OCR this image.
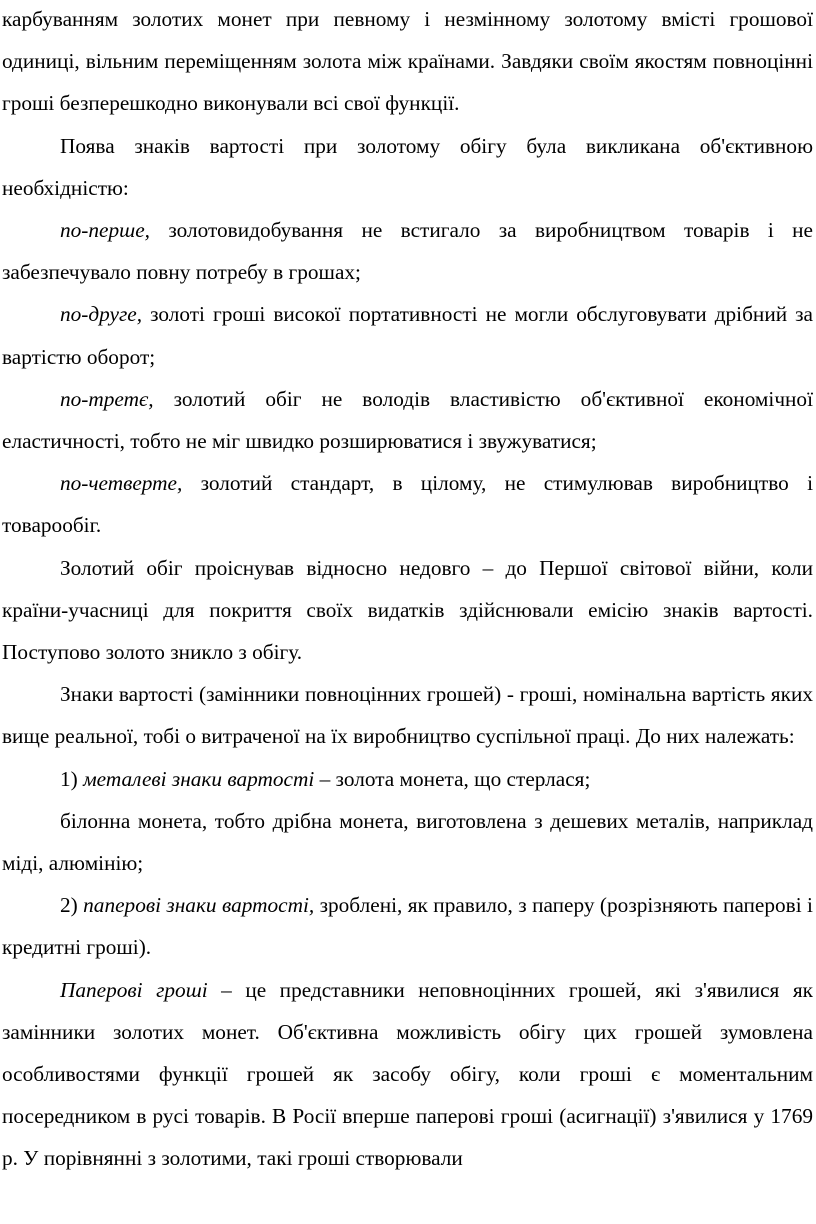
карбуванням золотих монет при певному і незмінному золотому вмісті грошової одиниці, вільним переміщенням золота між країнами. Завдяки своїм якостям повноцінні гроші безперешкодно виконували всі свої функції.

Поява знаків вартості при золотому обігу була викликана об'єктивною необхідністю:

по-перше, золотовидобування не встигало за виробництвом товарів і не забезпечувало повну потребу в грошах;

по-друге, золоті гроші високої портативності не могли обслуговувати дрібний за вартістю оборот;

по-третє, золотий обіг не володів властивістю об'єктивної економічної еластичності, тобто не міг швидко розширюватися і звужуватися;

по-четверте, золотий стандарт, в цілому, не стимулював виробництво і товарообіг.

Золотий обіг проіснував відносно недовго – до Першої світової війни, коли країни-учасниці для покриття своїх видатків здійснювали емісію знаків вартості. Поступово золото зникло з обігу.

Знаки вартості (замінники повноцінних грошей) - гроші, номінальна вартість яких вище реальної, тобі о витраченої на їх виробництво суспільної праці. До них належать:

1) металеві знаки вартості – золота монета, що стерлася;

білонна монета, тобто дрібна монета, виготовлена з дешевих металів, наприклад міді, алюмінію;

2) паперові знаки вартості, зроблені, як правило, з паперу (розрізняють паперові і кредитні гроші).

Паперові гроші – це представники неповноцінних грошей, які з'явилися як замінники золотих монет. Об'єктивна можливість обігу цих грошей зумовлена особливостями функції грошей як засобу обігу, коли гроші є моментальним посередником в русі товарів. В Росії вперше паперові гроші (асигнації) з'явилися у 1769 р. У порівнянні з золотими, такі гроші створювали
